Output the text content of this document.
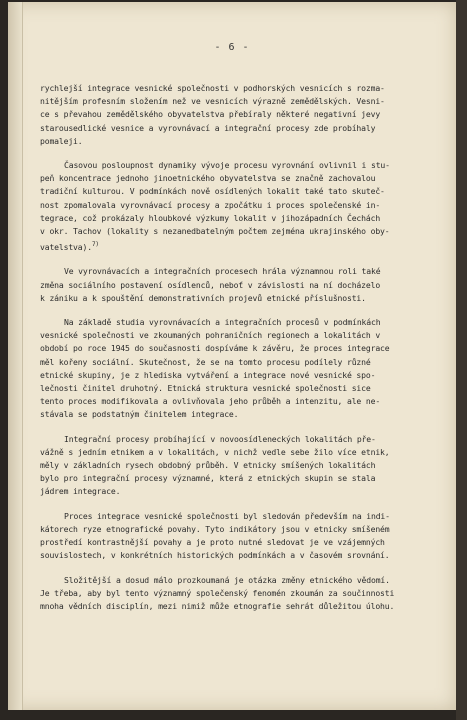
- 6 -
rychlejší integrace vesnické společnosti v podhorských vesnicích s rozma-
nitějším profesním složením než ve vesnicích výrazně zemědělských. Vesni-
ce s převahou zemědělského obyvatelstva přebíraly některé negativní jevy
starousedlické vesnice a vyrovnávací a integrační procesy zde probíhaly
pomaleji.
Časovou posloupnost dynamiky vývoje procesu vyrovnání ovlivnil i stu-
peň koncentrace jednoho jinoetnického obyvatelstva se značně zachovalou
tradiční kulturou. V podmínkách nově osídlených lokalit také tato skuteč-
nost zpomalovala vyrovnávací procesy a zpočátku i proces společenské in-
tegrace, což prokázaly hloubkové výzkumy lokalit v jihozápadních Čechách
v okr. Tachov (lokality s nezanedbatelným počtem zejména ukrajinského oby-
vatelstva).$^{7)}$
Ve vyrovnávacích a integračních procesech hrála významnou roli také
změna sociálního postavení osídlenců, neboť v závislosti na ní docházelo
k zániku a k spouštění demonstrativních projevů etnické příslušnosti.
Na základě studia vyrovnávacích a integračních procesů v podmínkách
vesnické společnosti ve zkoumaných pohraničních regionech a lokalitách v
období po roce 1945 do současnosti dospíváme k závěru, že proces integrace
měl kořeny sociální. Skutečnost, že se na tomto procesu podílely různé
etnické skupiny, je z hlediska vytváření a integrace nové vesnické spo-
lečnosti činitel druhotný. Etnická struktura vesnické společnosti sice
tento proces modifikovala a ovlivňovala jeho průběh a intenzitu, ale ne-
stávala se podstatným činitelem integrace.
Integrační procesy probíhající v novoosídleneckých lokalitách pře-
vážně s jedním etnikem a v lokalitách, v nichž vedle sebe žilo více etnik,
měly v základních rysech obdobný průběh. V etnicky smíšených lokalitách
bylo pro integrační procesy významné, která z etnických skupin se stala
jádrem integrace.
Proces integrace vesnické společnosti byl sledován především na indi-
kátorech ryze etnografické povahy. Tyto indikátory jsou v etnicky smíšeném
prostředí kontrastnější povahy a je proto nutné sledovat je ve vzájemných
souvislostech, v konkrétních historických podmínkách a v časovém srovnání.
Složitější a dosud málo prozkoumaná je otázka změny etnického vědomí.
Je třeba, aby byl tento významný společenský fenomén zkoumán za součinnosti
mnoha vědních disciplín, mezi nimiž může etnografie sehrát důležitou úlohu.
